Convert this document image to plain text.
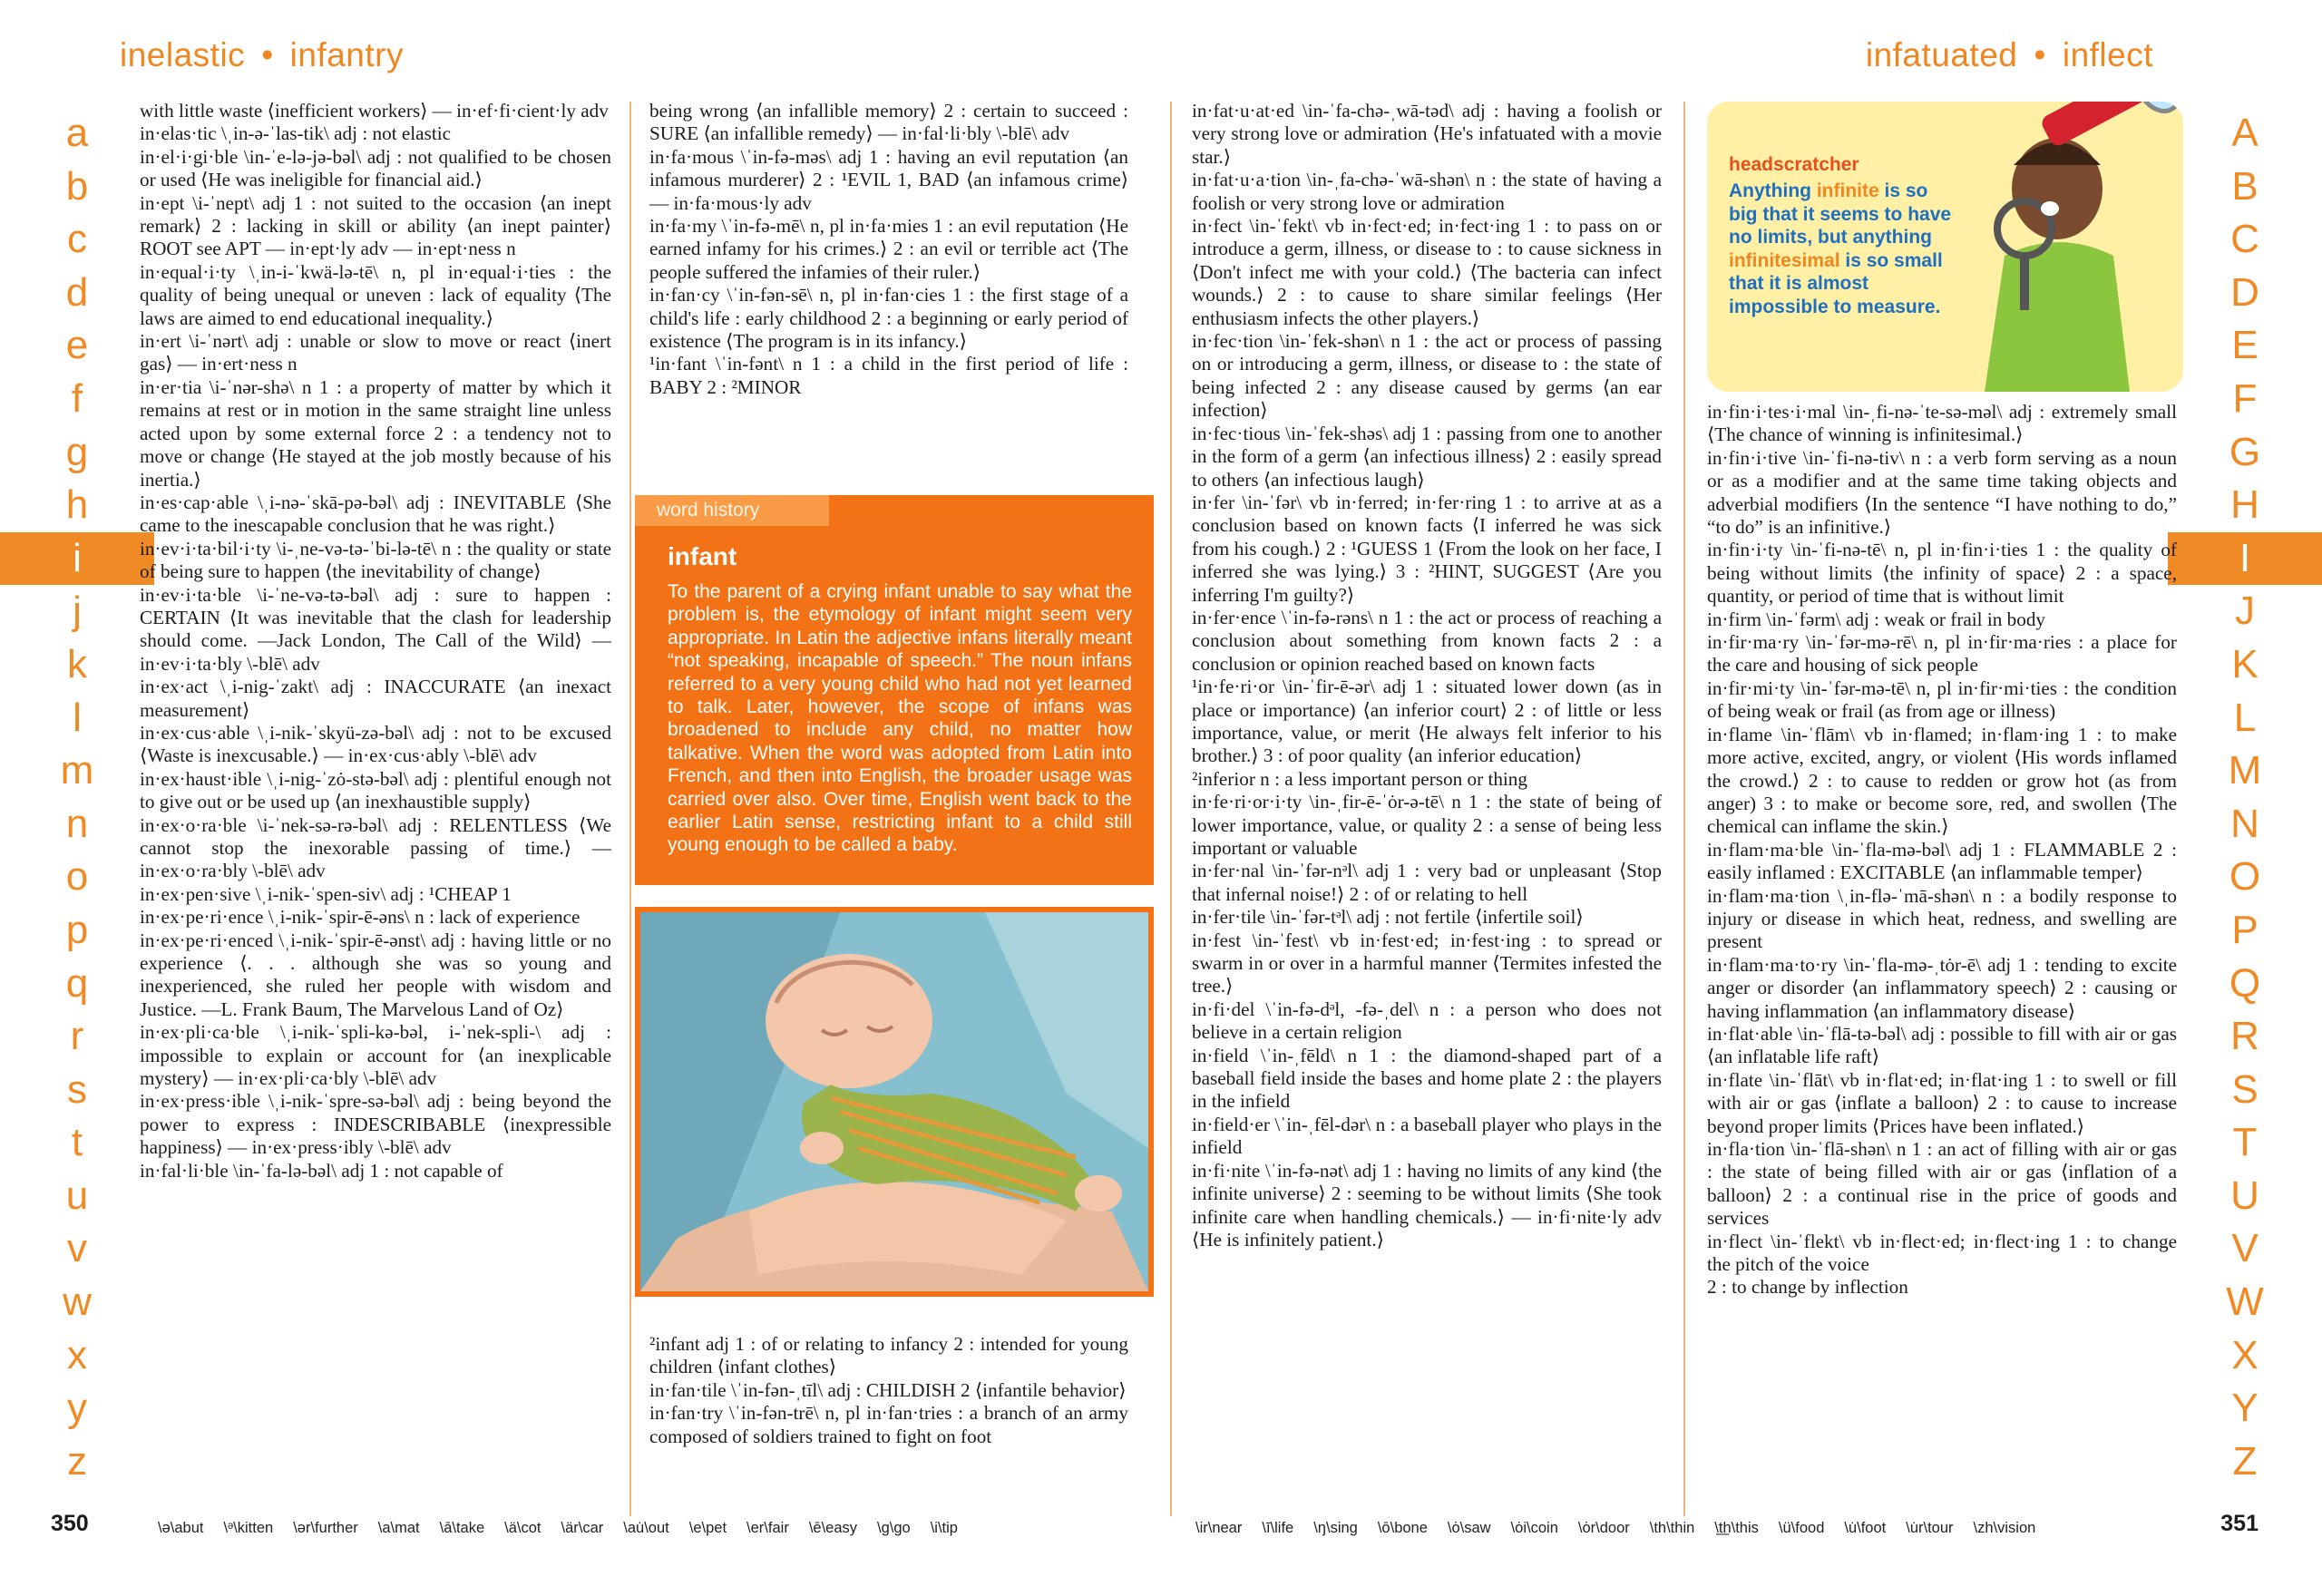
inelastic • infantry	infatuated • inflect
a
b
c
d
e
f
g
h
i
j
k
l
m
n
o
p
q
r
s
t
u
v
w
x
y
z
A
B
C
D
E
F
G
H
I
J
K
L
M
N
O
P
Q
R
S
T
U
V
W
X
Y
Z

with little waste ⟨inefficient workers⟩ — in·ef·fi·cient·ly adv

in·elas·tic \ˌin-ə-ˈlas-tik\ adj : not elastic

in·el·i·gi·ble \in-ˈe-lə-jə-bəl\ adj : not qualified to be chosen or used ⟨He was ineligible for financial aid.⟩

in·ept \i-ˈnept\ adj 1 : not suited to the occasion ⟨an inept remark⟩ 2 : lacking in skill or ability ⟨an inept painter⟩ ROOT see APT — in·ept·ly adv — in·ept·ness n

in·equal·i·ty \ˌin-i-ˈkwä-lə-tē\ n, pl in·equal·i·ties : the quality of being unequal or uneven : lack of equality ⟨The laws are aimed to end educational inequality.⟩

in·ert \i-ˈnərt\ adj : unable or slow to move or react ⟨inert gas⟩ — in·ert·ness n

in·er·tia \i-ˈnər-shə\ n 1 : a property of matter by which it remains at rest or in motion in the same straight line unless acted upon by some external force 2 : a tendency not to move or change ⟨He stayed at the job mostly because of his inertia.⟩

in·es·cap·able \ˌi-nə-ˈskā-pə-bəl\ adj : INEVITABLE ⟨She came to the inescapable conclusion that he was right.⟩

in·ev·i·ta·bil·i·ty \i-ˌne-və-tə-ˈbi-lə-tē\ n : the quality or state of being sure to happen ⟨the inevitability of change⟩

in·ev·i·ta·ble \i-ˈne-və-tə-bəl\ adj : sure to happen : CERTAIN ⟨It was inevitable that the clash for leadership should come. —Jack London, The Call of the Wild⟩ — in·ev·i·ta·bly \-blē\ adv

in·ex·act \ˌi-nig-ˈzakt\ adj : INACCURATE ⟨an inexact measurement⟩

in·ex·cus·able \ˌi-nik-ˈskyü-zə-bəl\ adj : not to be excused ⟨Waste is inexcusable.⟩ — in·ex·cus·ably \-blē\ adv

in·ex·haust·ible \ˌi-nig-ˈzȯ-stə-bəl\ adj : plentiful enough not to give out or be used up ⟨an inexhaustible supply⟩

in·ex·o·ra·ble \i-ˈnek-sə-rə-bəl\ adj : RELENTLESS ⟨We cannot stop the inexorable passing of time.⟩ — in·ex·o·ra·bly \-blē\ adv

in·ex·pen·sive \ˌi-nik-ˈspen-siv\ adj : ¹CHEAP 1

in·ex·pe·ri·ence \ˌi-nik-ˈspir-ē-əns\ n : lack of experience

in·ex·pe·ri·enced \ˌi-nik-ˈspir-ē-ənst\ adj : having little or no experience ⟨. . . although she was so young and inexperienced, she ruled her people with wisdom and Justice. —L. Frank Baum, The Marvelous Land of Oz⟩

in·ex·pli·ca·ble \ˌi-nik-ˈspli-kə-bəl, i-ˈnek-spli-\ adj : impossible to explain or account for ⟨an inexplicable mystery⟩ — in·ex·pli·ca·bly \-blē\ adv

in·ex·press·ible \ˌi-nik-ˈspre-sə-bəl\ adj : being beyond the power to express : INDESCRIBABLE ⟨inexpressible happiness⟩ — in·ex·press·ibly \-blē\ adv

in·fal·li·ble \in-ˈfa-lə-bəl\ adj 1 : not capable of

being wrong ⟨an infallible memory⟩ 2 : certain to succeed : SURE ⟨an infallible remedy⟩ — in·fal·li·bly \-blē\ adv

in·fa·mous \ˈin-fə-məs\ adj 1 : having an evil reputation ⟨an infamous murderer⟩ 2 : ¹EVIL 1, BAD ⟨an infamous crime⟩ — in·fa·mous·ly adv

in·fa·my \ˈin-fə-mē\ n, pl in·fa·mies 1 : an evil reputation ⟨He earned infamy for his crimes.⟩ 2 : an evil or terrible act ⟨The people suffered the infamies of their ruler.⟩

in·fan·cy \ˈin-fən-sē\ n, pl in·fan·cies 1 : the first stage of a child's life : early childhood 2 : a beginning or early period of existence ⟨The program is in its infancy.⟩

¹in·fant \ˈin-fənt\ n 1 : a child in the first period of life : BABY 2 : ²MINOR

word history
infant
To the parent of a crying infant unable to say what the problem is, the etymology of infant might seem very appropriate. In Latin the adjective infans literally meant “not speaking, incapable of speech.” The noun infans referred to a very young child who had not yet learned to talk. Later, however, the scope of infans was broadened to include any child, no matter how talkative. When the word was adopted from Latin into French, and then into English, the broader usage was carried over also. Over time, English went back to the earlier Latin sense, restricting infant to a child still young enough to be called a baby.

²infant adj 1 : of or relating to infancy 2 : intended for young children ⟨infant clothes⟩

in·fan·tile \ˈin-fən-ˌtīl\ adj : CHILDISH 2 ⟨infantile behavior⟩

in·fan·try \ˈin-fən-trē\ n, pl in·fan·tries : a branch of an army composed of soldiers trained to fight on foot

in·fat·u·at·ed \in-ˈfa-chə-ˌwā-təd\ adj : having a foolish or very strong love or admiration ⟨He's infatuated with a movie star.⟩

in·fat·u·a·tion \in-ˌfa-chə-ˈwā-shən\ n : the state of having a foolish or very strong love or admiration

in·fect \in-ˈfekt\ vb in·fect·ed; in·fect·ing 1 : to pass on or introduce a germ, illness, or disease to : to cause sickness in ⟨Don't infect me with your cold.⟩ ⟨The bacteria can infect wounds.⟩ 2 : to cause to share similar feelings ⟨Her enthusiasm infects the other players.⟩

in·fec·tion \in-ˈfek-shən\ n 1 : the act or process of passing on or introducing a germ, illness, or disease to : the state of being infected 2 : any disease caused by germs ⟨an ear infection⟩

in·fec·tious \in-ˈfek-shəs\ adj 1 : passing from one to another in the form of a germ ⟨an infectious illness⟩ 2 : easily spread to others ⟨an infectious laugh⟩

in·fer \in-ˈfər\ vb in·ferred; in·fer·ring 1 : to arrive at as a conclusion based on known facts ⟨I inferred he was sick from his cough.⟩ 2 : ¹GUESS 1 ⟨From the look on her face, I inferred she was lying.⟩ 3 : ²HINT, SUGGEST ⟨Are you inferring I'm guilty?⟩

in·fer·ence \ˈin-fə-rəns\ n 1 : the act or process of reaching a conclusion about something from known facts 2 : a conclusion or opinion reached based on known facts

¹in·fe·ri·or \in-ˈfir-ē-ər\ adj 1 : situated lower down (as in place or importance) ⟨an inferior court⟩ 2 : of little or less importance, value, or merit ⟨He always felt inferior to his brother.⟩ 3 : of poor quality ⟨an inferior education⟩

²inferior n : a less important person or thing

in·fe·ri·or·i·ty \in-ˌfir-ē-ˈȯr-ə-tē\ n 1 : the state of being of lower importance, value, or quality 2 : a sense of being less important or valuable

in·fer·nal \in-ˈfər-nᵊl\ adj 1 : very bad or unpleasant ⟨Stop that infernal noise!⟩ 2 : of or relating to hell

in·fer·tile \in-ˈfər-tᵊl\ adj : not fertile ⟨infertile soil⟩

in·fest \in-ˈfest\ vb in·fest·ed; in·fest·ing : to spread or swarm in or over in a harmful manner ⟨Termites infested the tree.⟩

in·fi·del \ˈin-fə-dᵊl, -fə-ˌdel\ n : a person who does not believe in a certain religion

in·field \ˈin-ˌfēld\ n 1 : the diamond-shaped part of a baseball field inside the bases and home plate 2 : the players in the infield

in·field·er \ˈin-ˌfēl-dər\ n : a baseball player who plays in the infield

in·fi·nite \ˈin-fə-nət\ adj 1 : having no limits of any kind ⟨the infinite universe⟩ 2 : seeming to be without limits ⟨She took infinite care when handling chemicals.⟩ — in·fi·nite·ly adv ⟨He is infinitely patient.⟩

headscratcher
Anything infinite is so big that it seems to have no limits, but anything infinitesimal is so small that it is almost impossible to measure.

in·fin·i·tes·i·mal \in-ˌfi-nə-ˈte-sə-məl\ adj : extremely small ⟨The chance of winning is infinitesimal.⟩

in·fin·i·tive \in-ˈfi-nə-tiv\ n : a verb form serving as a noun or as a modifier and at the same time taking objects and adverbial modifiers ⟨In the sentence “I have nothing to do,” “to do” is an infinitive.⟩

in·fin·i·ty \in-ˈfi-nə-tē\ n, pl in·fin·i·ties 1 : the quality of being without limits ⟨the infinity of space⟩ 2 : a space, quantity, or period of time that is without limit

in·firm \in-ˈfərm\ adj : weak or frail in body

in·fir·ma·ry \in-ˈfər-mə-rē\ n, pl in·fir·ma·ries : a place for the care and housing of sick people

in·fir·mi·ty \in-ˈfər-mə-tē\ n, pl in·fir·mi·ties : the condition of being weak or frail (as from age or illness)

in·flame \in-ˈflām\ vb in·flamed; in·flam·ing 1 : to make more active, excited, angry, or violent ⟨His words inflamed the crowd.⟩ 2 : to cause to redden or grow hot (as from anger) 3 : to make or become sore, red, and swollen ⟨The chemical can inflame the skin.⟩

in·flam·ma·ble \in-ˈfla-mə-bəl\ adj 1 : FLAMMABLE 2 : easily inflamed : EXCITABLE ⟨an inflammable temper⟩

in·flam·ma·tion \ˌin-flə-ˈmā-shən\ n : a bodily response to injury or disease in which heat, redness, and swelling are present

in·flam·ma·to·ry \in-ˈfla-mə-ˌtȯr-ē\ adj 1 : tending to excite anger or disorder ⟨an inflammatory speech⟩ 2 : causing or having inflammation ⟨an inflammatory disease⟩

in·flat·able \in-ˈflā-tə-bəl\ adj : possible to fill with air or gas ⟨an inflatable life raft⟩

in·flate \in-ˈflāt\ vb in·flat·ed; in·flat·ing 1 : to swell or fill with air or gas ⟨inflate a balloon⟩ 2 : to cause to increase beyond proper limits ⟨Prices have been inflated.⟩

in·fla·tion \in-ˈflā-shən\ n 1 : an act of filling with air or gas : the state of being filled with air or gas ⟨inflation of a balloon⟩ 2 : a continual rise in the price of goods and services

in·flect \in-ˈflekt\ vb in·flect·ed; in·flect·ing 1 : to change the pitch of the voice

2 : to change by inflection

350	351
\ə\abut \ᵊ\kitten \ər\further \a\mat \ā\take \ä\cot \är\car \au̇\out \e\pet \er\fair \ē\easy \g\go \i\tip	\ir\near \ī\life \ŋ\sing \ō\bone \ȯ\saw \ȯi\coin \ȯr\door \th\thin \t͟h\this \ü\food \u̇\foot \u̇r\tour \zh\vision
